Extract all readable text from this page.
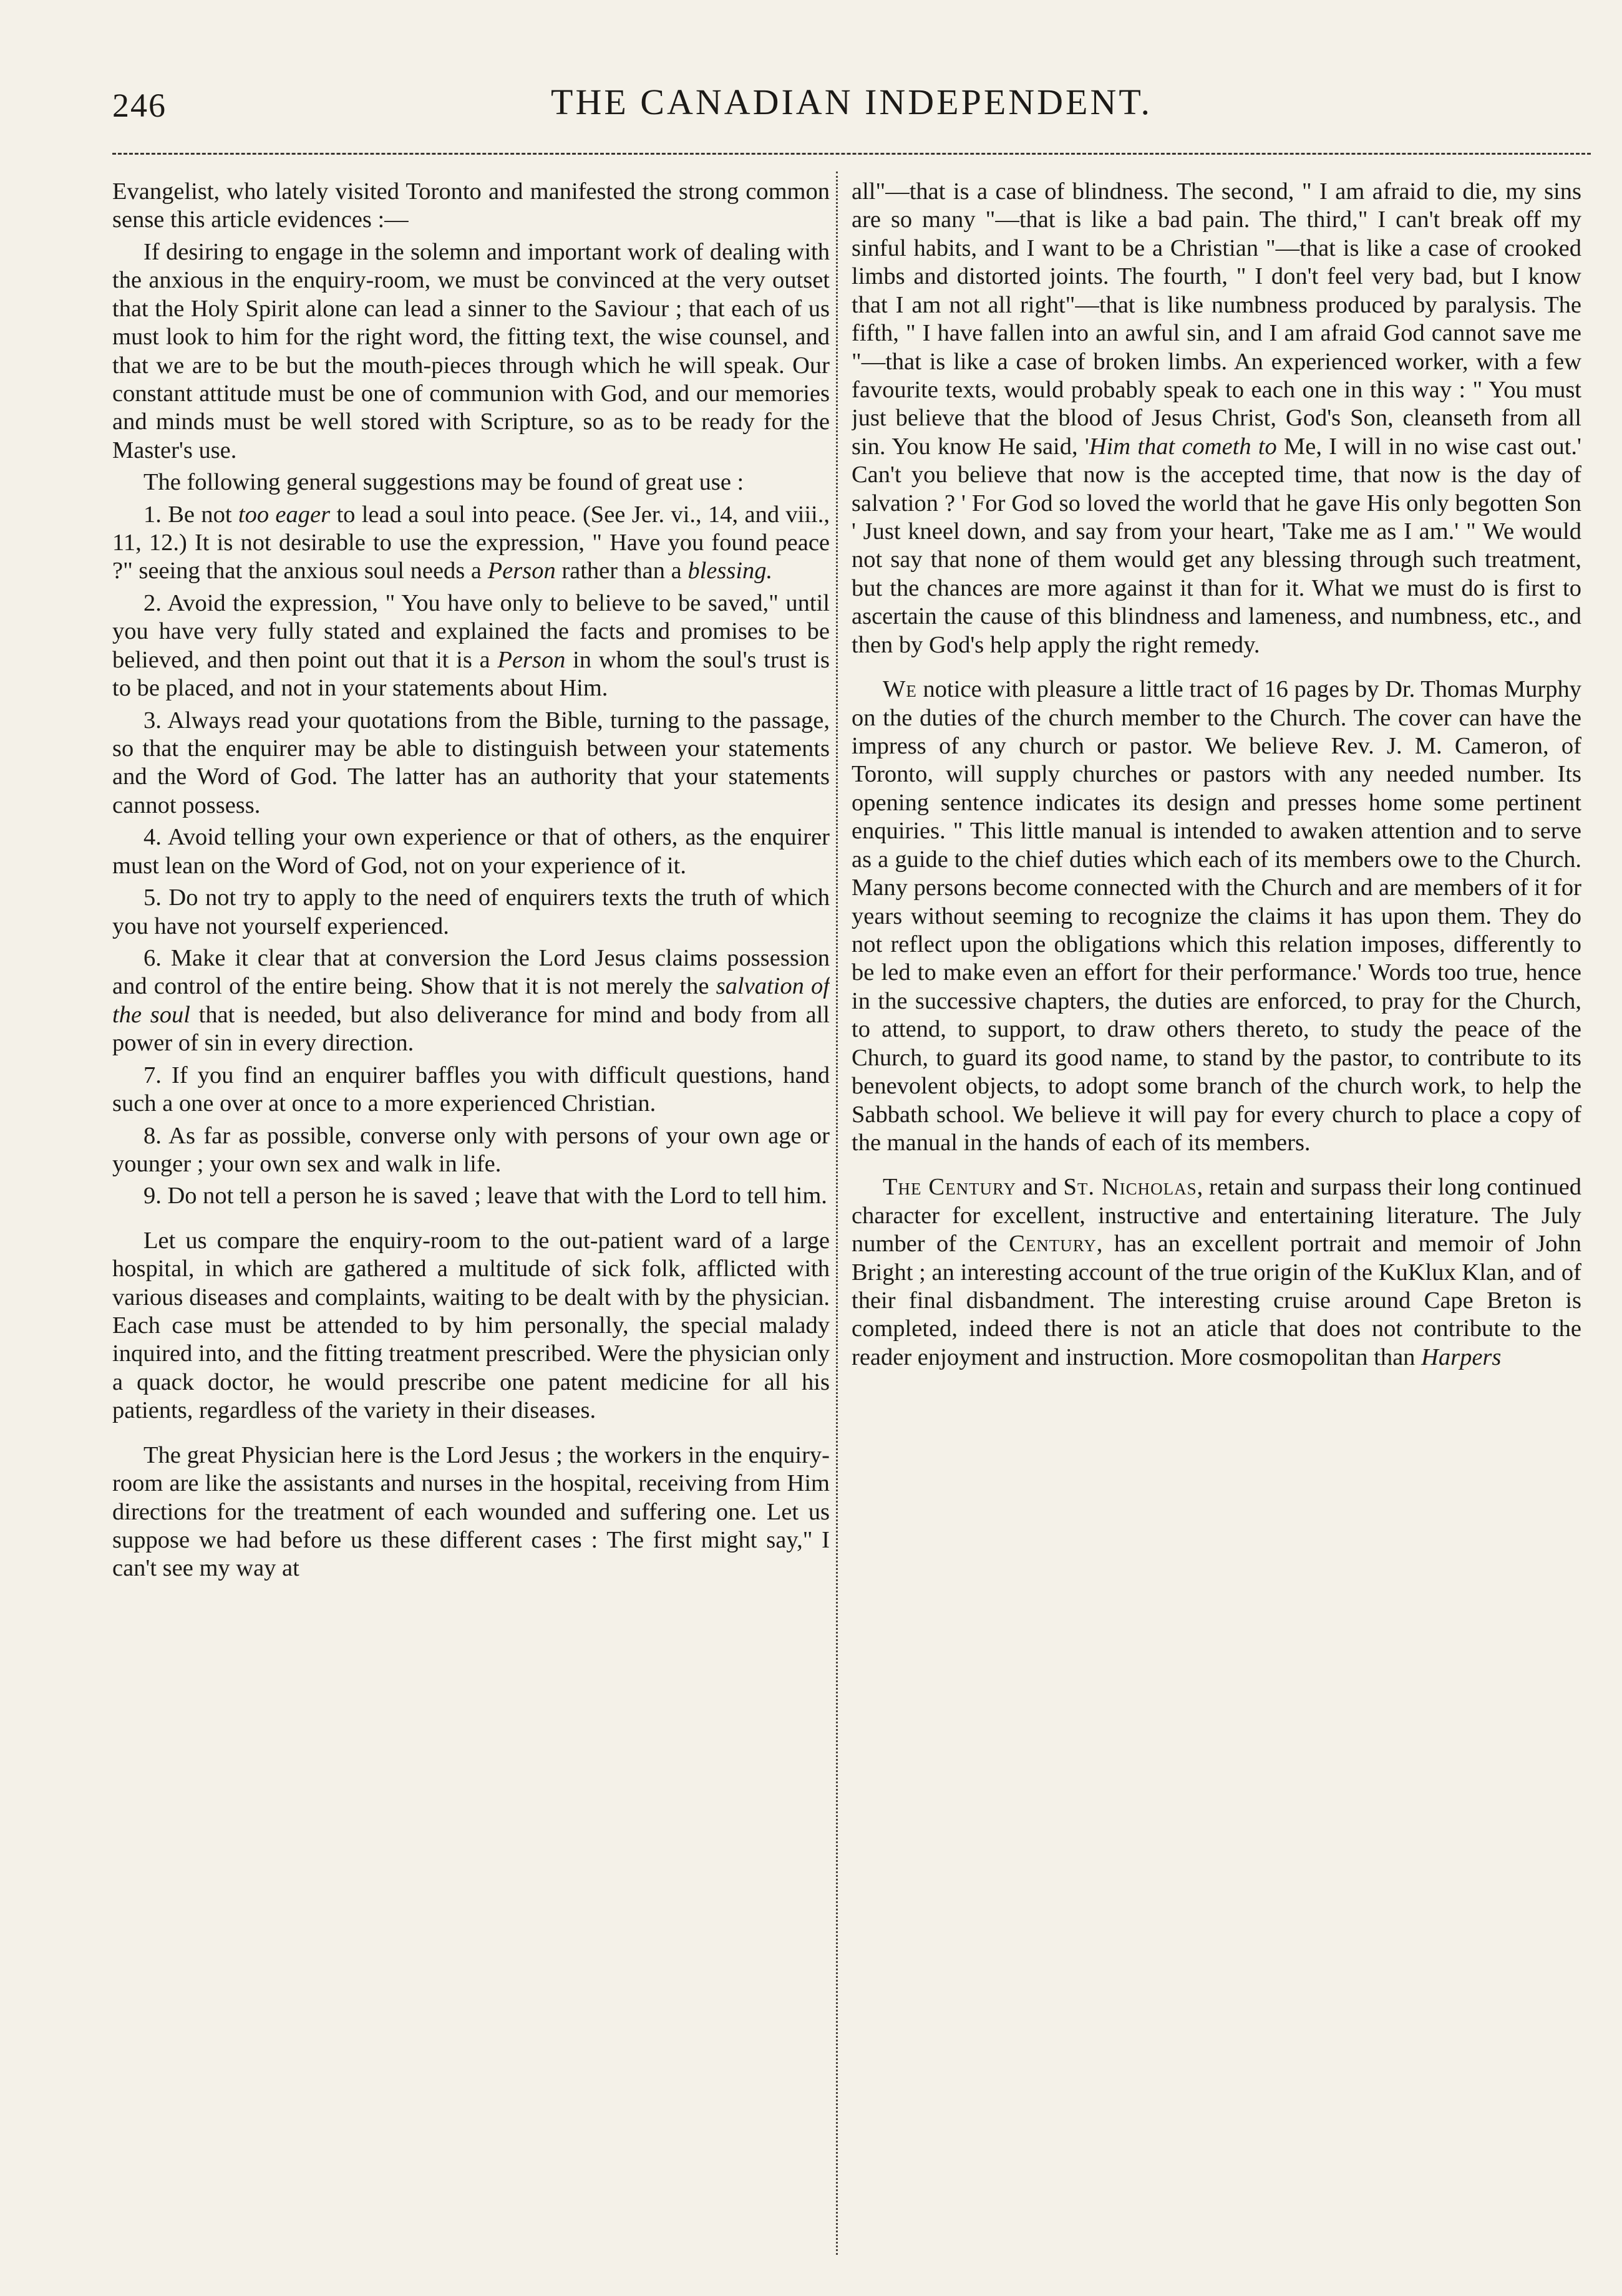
246	THE CANADIAN INDEPENDENT.

Evangelist, who lately visited Toronto and manifested the strong common sense this article evidences :—

If desiring to engage in the solemn and important work of dealing with the anxious in the enquiry-room, we must be convinced at the very outset that the Holy Spirit alone can lead a sinner to the Saviour ; that each of us must look to him for the right word, the fitting text, the wise counsel, and that we are to be but the mouth-pieces through which he will speak. Our constant attitude must be one of communion with God, and our memories and minds must be well stored with Scripture, so as to be ready for the Master's use.

The following general suggestions may be found of great use :

1. Be not too eager to lead a soul into peace. (See Jer. vi., 14, and viii., 11, 12.) It is not desirable to use the expression, " Have you found peace ?" seeing that the anxious soul needs a Person rather than a blessing.

2. Avoid the expression, " You have only to believe to be saved," until you have very fully stated and explained the facts and promises to be believed, and then point out that it is a Person in whom the soul's trust is to be placed, and not in your statements about Him.

3. Always read your quotations from the Bible, turning to the passage, so that the enquirer may be able to distinguish between your statements and the Word of God. The latter has an authority that your statements cannot possess.

4. Avoid telling your own experience or that of others, as the enquirer must lean on the Word of God, not on your experience of it.

5. Do not try to apply to the need of enquirers texts the truth of which you have not yourself experienced.

6. Make it clear that at conversion the Lord Jesus claims possession and control of the entire being. Show that it is not merely the salvation of the soul that is needed, but also deliverance for mind and body from all power of sin in every direction.

7. If you find an enquirer baffles you with difficult questions, hand such a one over at once to a more experienced Christian.

8. As far as possible, converse only with persons of your own age or younger ; your own sex and walk in life.

9. Do not tell a person he is saved ; leave that with the Lord to tell him.

Let us compare the enquiry-room to the out-patient ward of a large hospital, in which are gathered a multitude of sick folk, afflicted with various diseases and complaints, waiting to be dealt with by the physician. Each case must be attended to by him personally, the special malady inquired into, and the fitting treatment prescribed. Were the physician only a quack doctor, he would prescribe one patent medicine for all his patients, regardless of the variety in their diseases.

The great Physician here is the Lord Jesus ; the workers in the enquiry-room are like the assistants and nurses in the hospital, receiving from Him directions for the treatment of each wounded and suffering one. Let us suppose we had before us these different cases : The first might say," I can't see my way at

all"—that is a case of blindness. The second, " I am afraid to die, my sins are so many "—that is like a bad pain. The third," I can't break off my sinful habits, and I want to be a Christian "—that is like a case of crooked limbs and distorted joints. The fourth, " I don't feel very bad, but I know that I am not all right"—that is like numbness produced by paralysis. The fifth, " I have fallen into an awful sin, and I am afraid God cannot save me "—that is like a case of broken limbs. An experienced worker, with a few favourite texts, would probably speak to each one in this way : " You must just believe that the blood of Jesus Christ, God's Son, cleanseth from all sin. You know He said, 'Him that cometh to Me, I will in no wise cast out.' Can't you believe that now is the accepted time, that now is the day of salvation ? ' For God so loved the world that he gave His only begotten Son ' Just kneel down, and say from your heart, 'Take me as I am.' " We would not say that none of them would get any blessing through such treatment, but the chances are more against it than for it. What we must do is first to ascertain the cause of this blindness and lameness, and numbness, etc., and then by God's help apply the right remedy.

We notice with pleasure a little tract of 16 pages by Dr. Thomas Murphy on the duties of the church member to the Church. The cover can have the impress of any church or pastor. We believe Rev. J. M. Cameron, of Toronto, will supply churches or pastors with any needed number. Its opening sentence indicates its design and presses home some pertinent enquiries. " This little manual is intended to awaken attention and to serve as a guide to the chief duties which each of its members owe to the Church. Many persons become connected with the Church and are members of it for years without seeming to recognize the claims it has upon them. They do not reflect upon the obligations which this relation imposes, differently to be led to make even an effort for their performance.' Words too true, hence in the successive chapters, the duties are enforced, to pray for the Church, to attend, to support, to draw others thereto, to study the peace of the Church, to guard its good name, to stand by the pastor, to contribute to its benevolent objects, to adopt some branch of the church work, to help the Sabbath school. We believe it will pay for every church to place a copy of the manual in the hands of each of its members.

The Century and St. Nicholas, retain and surpass their long continued character for excellent, instructive and entertaining literature. The July number of the Century, has an excellent portrait and memoir of John Bright ; an interesting account of the true origin of the KuKlux Klan, and of their final disbandment. The interesting cruise around Cape Breton is completed, indeed there is not an aticle that does not contribute to the reader enjoyment and instruction. More cosmopolitan than Harpers
